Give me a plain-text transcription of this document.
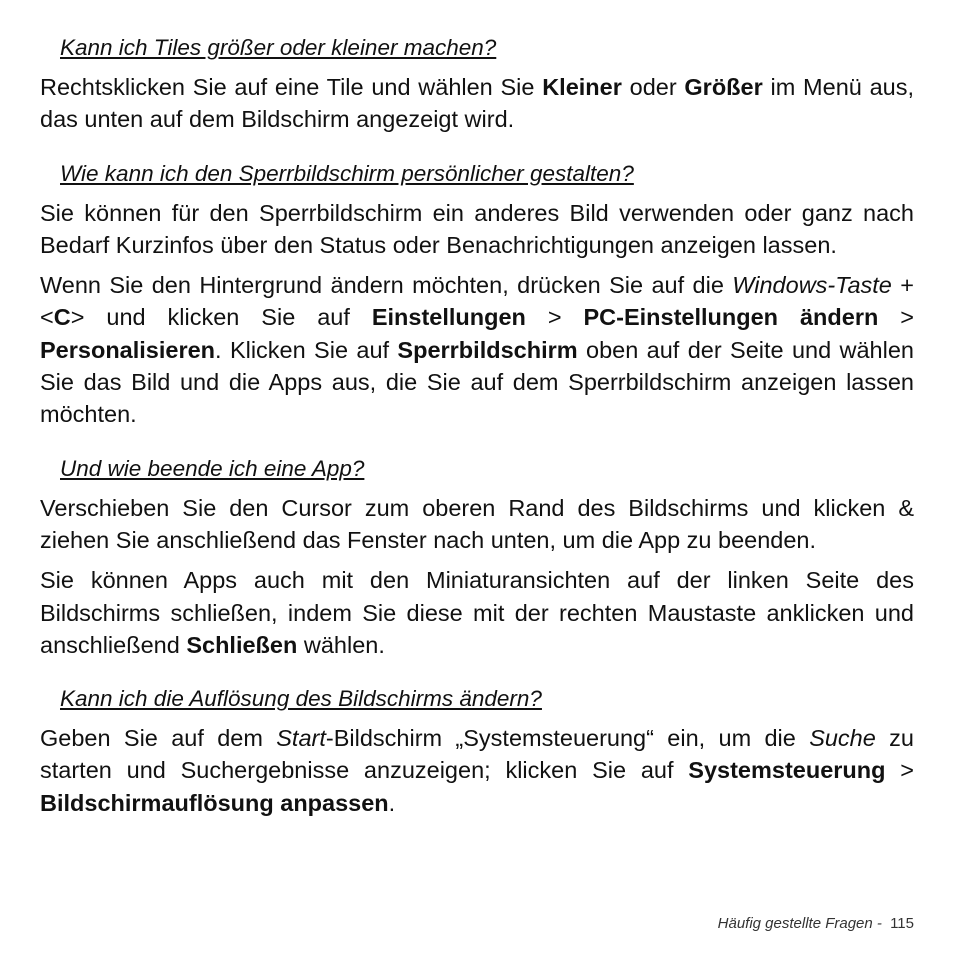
Kann ich Tiles größer oder kleiner machen?

Rechtsklicken Sie auf eine Tile und wählen Sie Kleiner oder Größer im Menü aus, das unten auf dem Bildschirm angezeigt wird.

Wie kann ich den Sperrbildschirm persönlicher gestalten?

Sie können für den Sperrbildschirm ein anderes Bild verwenden oder ganz nach Bedarf Kurzinfos über den Status oder Benachrichtigungen anzeigen lassen.

Wenn Sie den Hintergrund ändern möchten, drücken Sie auf die Windows-Taste + <C> und klicken Sie auf Einstellungen > PC-Einstellungen ändern > Personalisieren. Klicken Sie auf Sperrbildschirm oben auf der Seite und wählen Sie das Bild und die Apps aus, die Sie auf dem Sperrbildschirm anzeigen lassen möchten.

Und wie beende ich eine App?

Verschieben Sie den Cursor zum oberen Rand des Bildschirms und klicken & ziehen Sie anschließend das Fenster nach unten, um die App zu beenden.

Sie können Apps auch mit den Miniaturansichten auf der linken Seite des Bildschirms schließen, indem Sie diese mit der rechten Maustaste anklicken und anschließend Schließen wählen.

Kann ich die Auflösung des Bildschirms ändern?

Geben Sie auf dem Start-Bildschirm „Systemsteuerung“ ein, um die Suche zu starten und Suchergebnisse anzuzeigen; klicken Sie auf Systemsteuerung > Bildschirmauflösung anpassen.

Häufig gestellte Fragen - 115
